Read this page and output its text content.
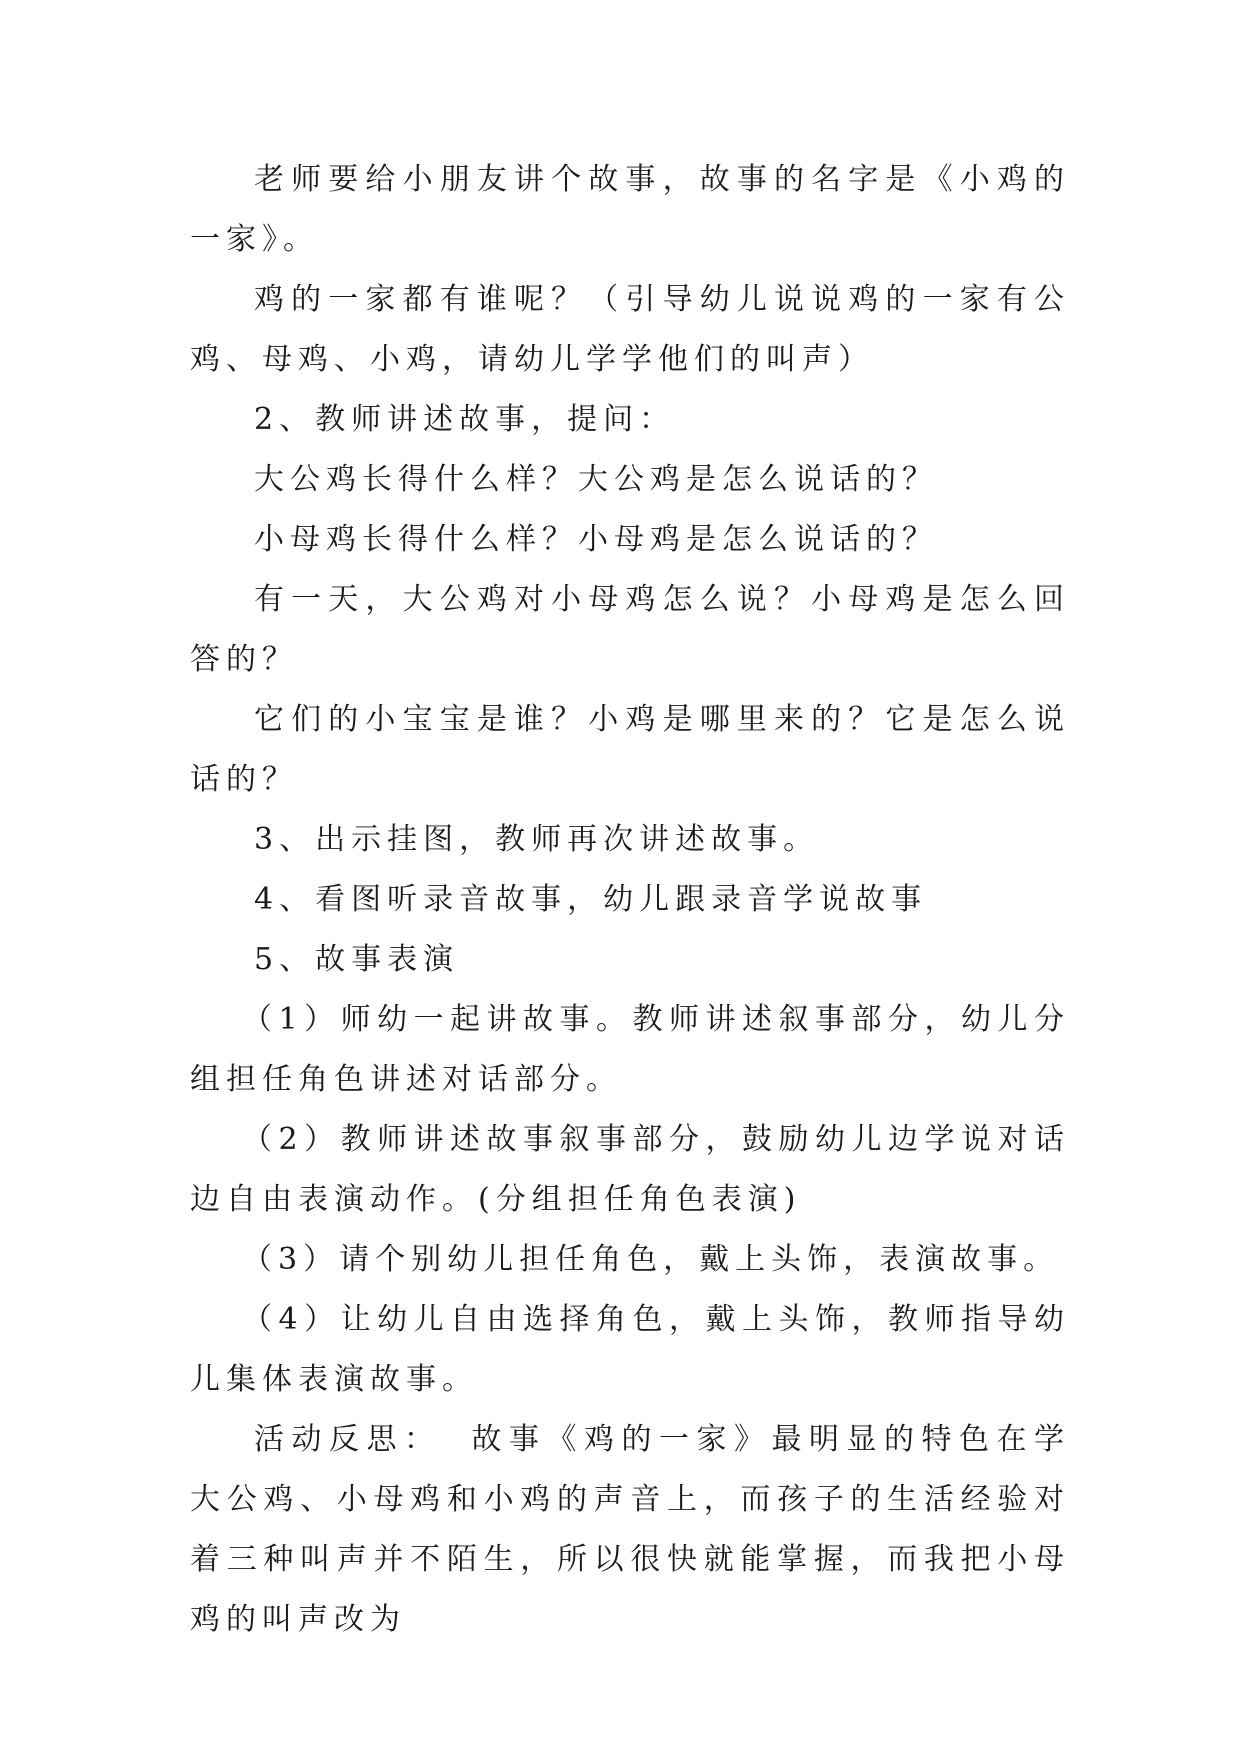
老师要给小朋友讲个故事，故事的名字是《小鸡的一家》。

鸡的一家都有谁呢？（引导幼儿说说鸡的一家有公鸡、母鸡、小鸡，请幼儿学学他们的叫声）

2、教师讲述故事，提问：

大公鸡长得什么样？大公鸡是怎么说话的？

小母鸡长得什么样？小母鸡是怎么说话的？

有一天，大公鸡对小母鸡怎么说？小母鸡是怎么回答的？

它们的小宝宝是谁？小鸡是哪里来的？它是怎么说话的？

3、出示挂图，教师再次讲述故事。

4、看图听录音故事，幼儿跟录音学说故事

5、故事表演

（1）师幼一起讲故事。教师讲述叙事部分，幼儿分组担任角色讲述对话部分。

（2）教师讲述故事叙事部分，鼓励幼儿边学说对话边自由表演动作。(分组担任角色表演)

（3）请个别幼儿担任角色，戴上头饰，表演故事。

（4）让幼儿自由选择角色，戴上头饰，教师指导幼儿集体表演故事。

活动反思： 故事《鸡的一家》最明显的特色在学大公鸡、小母鸡和小鸡的声音上，而孩子的生活经验对着三种叫声并不陌生，所以很快就能掌握，而我把小母鸡的叫声改为
